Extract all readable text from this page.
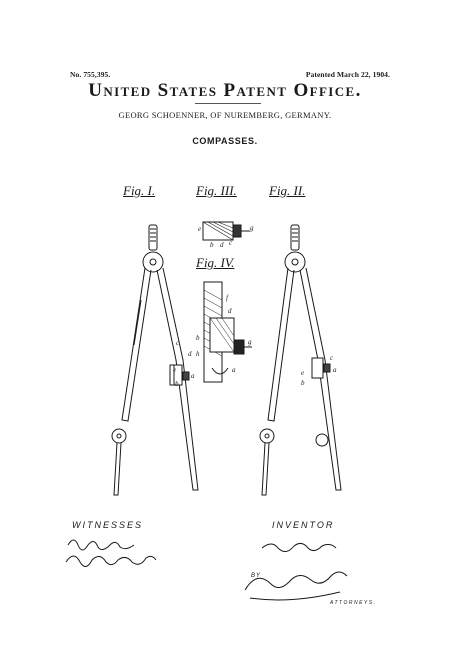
No. 755,395.	Patented March 22, 1904.
United States Patent Office.
GEORG SCHOENNER, OF NUREMBERG, GERMANY.
COMPASSES.
Fig. I.	Fig. III. Fig. II.
Fig. IV.
e	g
b d c
f
c
d
e
b
a
h
b
d
g
a	e
b
c
a
WITNESSES	INVENTOR
BY
ATTORNEYS.
